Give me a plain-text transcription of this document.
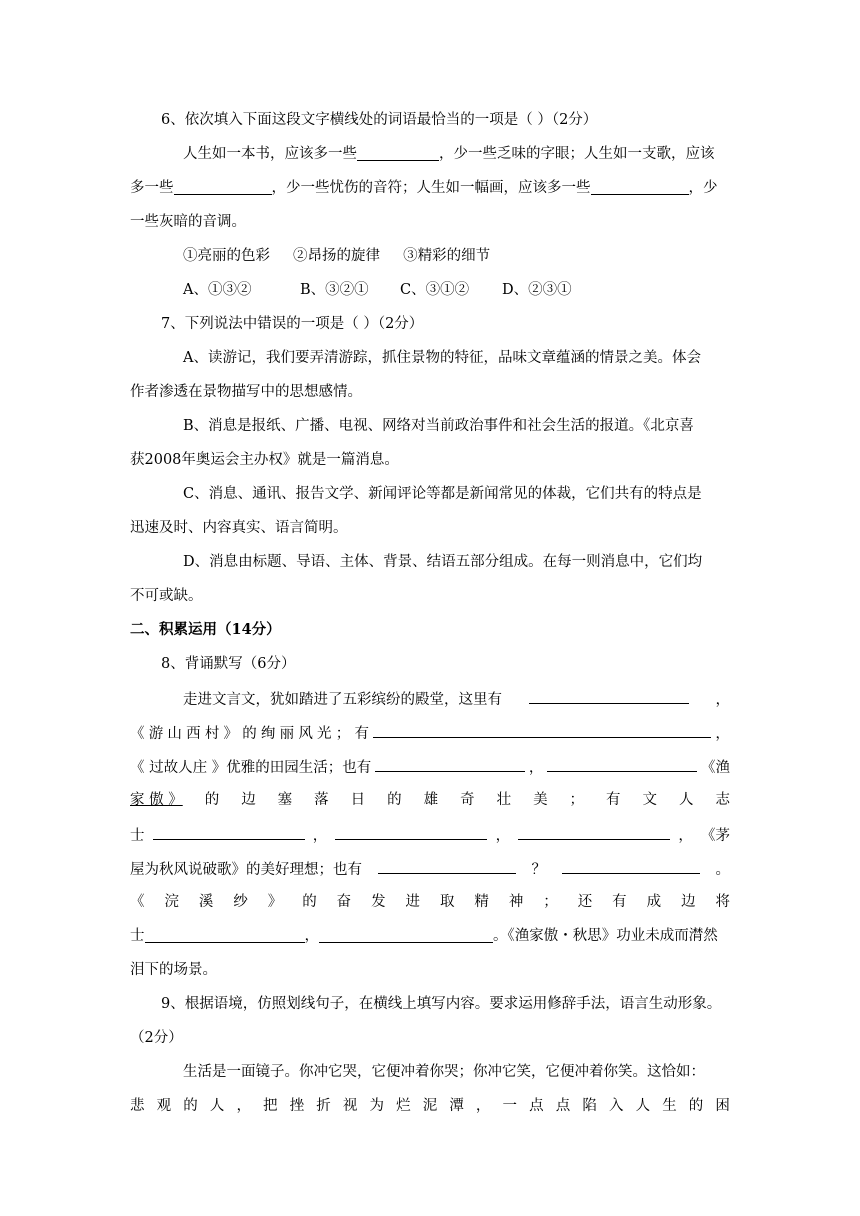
6、依次填入下面这段文字横线处的词语最恰当的一项是（ ）（2分）
人生如一本书，应该多一些	，少一些乏味的字眼；人生如一支歌，应该
多一些	，少一些忧伤的音符；人生如一幅画，应该多一些	，少
一些灰暗的音调。
①亮丽的色彩     ②昂扬的旋律     ③精彩的细节
A、①③②	B、③②① C、③①② D、②③①
7、下列说法中错误的一项是（ ）（2分）
A、读游记，我们要弄清游踪，抓住景物的特征，品味文章蕴涵的情景之美。体会
作者渗透在景物描写中的思想感情。
B、消息是报纸、广播、电视、网络对当前政治事件和社会生活的报道。《北京喜
获2008年奥运会主办权》就是一篇消息。
C、消息、通讯、报告文学、新闻评论等都是新闻常见的体裁，它们共有的特点是
迅速及时、内容真实、语言简明。
D、消息由标题、导语、主体、背景、结语五部分组成。在每一则消息中，它们均
不可或缺。
二、积累运用（14分）
8、背诵默写（6分）
走进文言文，犹如踏进了五彩缤纷的殿堂，这里有	，
《 游 山 西 村 》 的 绚 丽 风 光 ； 有	，
《 过故人庄 》优雅的田园生活；也有	，	《渔
家 傲 》 的 边 塞 落 日 的 雄 奇 壮 美 ； 有 文 人 志
士	，	，	， 《茅
屋为秋风说破歌》的美好理想；也有	？	。
《 浣 溪 纱 》 的 奋 发 进 取 精 神 ； 还 有 成 边 将
士	，	。《渔家傲・秋思》功业未成而潸然
泪下的场景。
9、根据语境，仿照划线句子，在横线上填写内容。要求运用修辞手法，语言生动形象。
（2分）
生活是一面镜子。你冲它哭，它便冲着你哭；你冲它笑，它便冲着你笑。这恰如：
悲 观 的 人 ， 把 挫 折 视 为 烂 泥 潭 ， 一 点 点 陷 入 人 生 的 困
